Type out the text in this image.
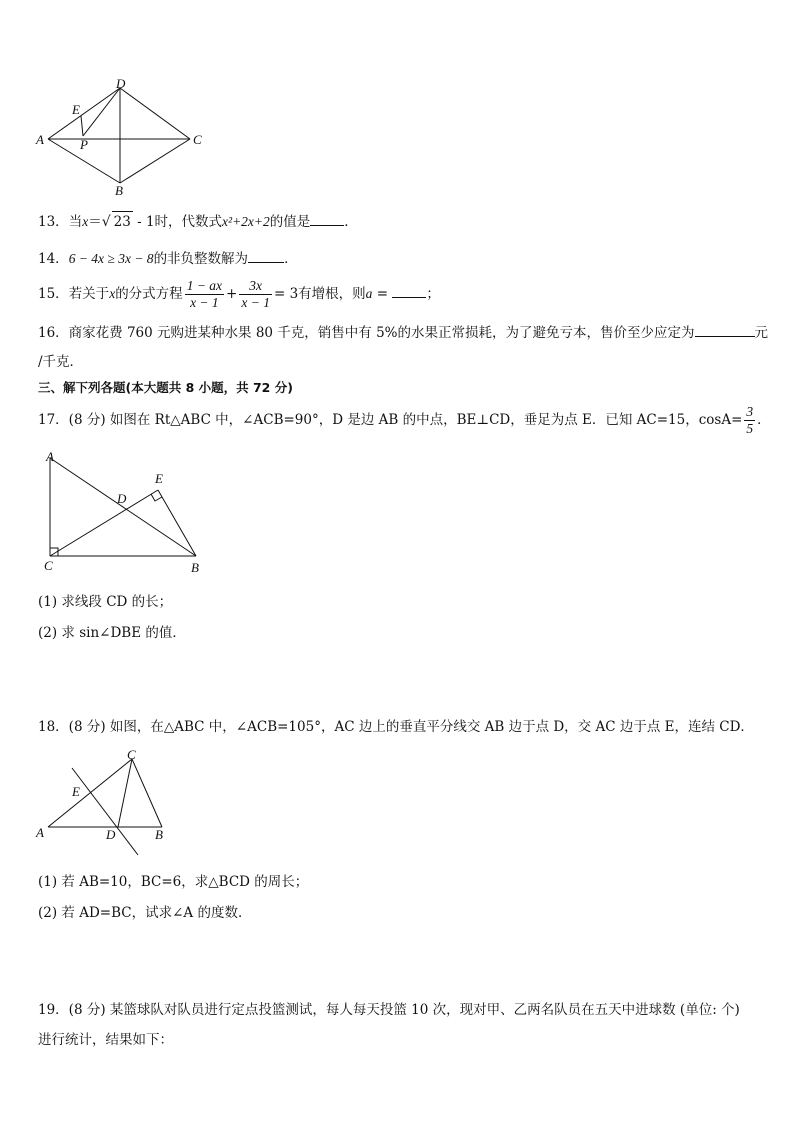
A
D
C
B
E
P
13．当x＝√ 23 - 1时，代数式x²+2x+2的值是	．
14．6 − 4x ≥ 3x − 8的非负整数解为	．
15．若关于x的分式方程 $\frac{1 - ax}{x - 1} + \frac{3x}{x - 1} = 3$有增根，则a =	；
16．商家花费 760 元购进某种水果 80 千克，销售中有 5%的水果正常损耗，为了避免亏本，售价至少应定为	元
/千克．
三、解下列各题(本大题共 8 小题，共 72 分)
17．(8 分) 如图在 Rt△ABC 中，∠ACB=90°，D 是边 AB 的中点，BE⊥CD，垂足为点 E．已知 AC=15，$\cos A= \frac{3}{5}$ ．
A
C	B
D
E
(1) 求线段 CD 的长；
(2) 求 sin∠DBE 的值．
18．(8 分) 如图，在△ABC 中，∠ACB=105°，AC 边上的垂直平分线交 AB 边于点 D，交 AC 边于点 E，连结 CD．
C
E
A	D	B
(1) 若 AB=10，BC=6，求△BCD 的周长；
(2) 若 AD=BC，试求∠A 的度数．
19．(8 分) 某篮球队对队员进行定点投篮测试，每人每天投篮 10 次，现对甲、乙两名队员在五天中进球数 (单位: 个)
进行统计，结果如下：
